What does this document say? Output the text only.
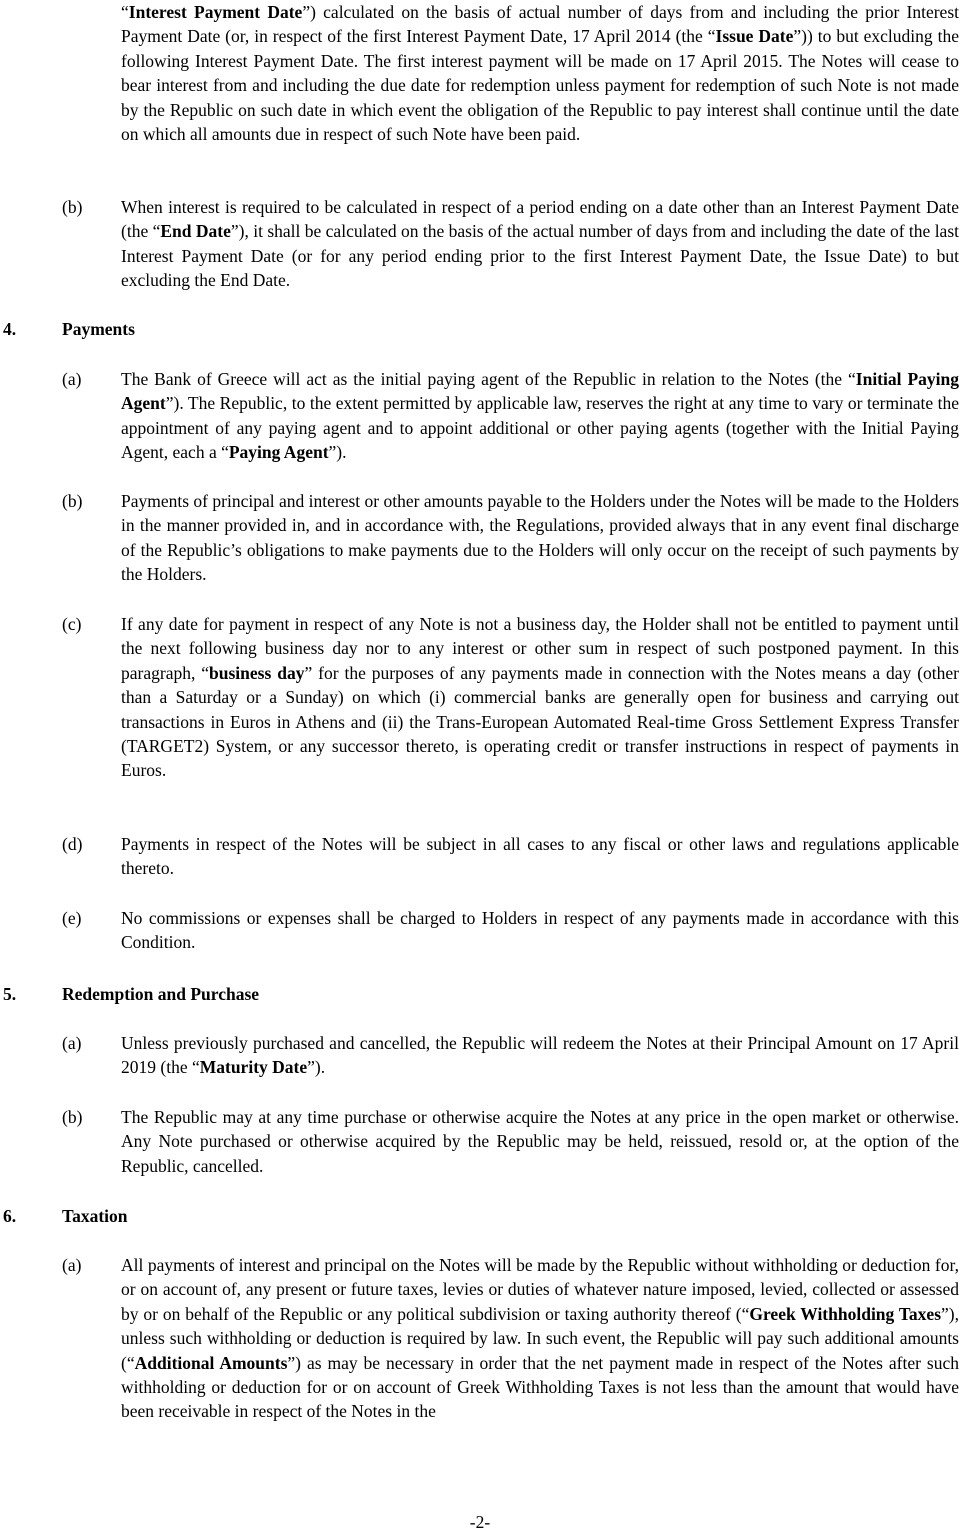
“Interest Payment Date”) calculated on the basis of actual number of days from and including the prior Interest Payment Date (or, in respect of the first Interest Payment Date, 17 April 2014 (the “Issue Date”)) to but excluding the following Interest Payment Date. The first interest payment will be made on 17 April 2015. The Notes will cease to bear interest from and including the due date for redemption unless payment for redemption of such Note is not made by the Republic on such date in which event the obligation of the Republic to pay interest shall continue until the date on which all amounts due in respect of such Note have been paid.

(b) When interest is required to be calculated in respect of a period ending on a date other than an Interest Payment Date (the “End Date”), it shall be calculated on the basis of the actual number of days from and including the date of the last Interest Payment Date (or for any period ending prior to the first Interest Payment Date, the Issue Date) to but excluding the End Date.

4.	Payments
(a) The Bank of Greece will act as the initial paying agent of the Republic in relation to the Notes (the “Initial Paying Agent”). The Republic, to the extent permitted by applicable law, reserves the right at any time to vary or terminate the appointment of any paying agent and to appoint additional or other paying agents (together with the Initial Paying Agent, each a “Paying Agent”).

(b) Payments of principal and interest or other amounts payable to the Holders under the Notes will be made to the Holders in the manner provided in, and in accordance with, the Regulations, provided always that in any event final discharge of the Republic’s obligations to make payments due to the Holders will only occur on the receipt of such payments by the Holders.

(c) If any date for payment in respect of any Note is not a business day, the Holder shall not be entitled to payment until the next following business day nor to any interest or other sum in respect of such postponed payment. In this paragraph, “business day” for the purposes of any payments made in connection with the Notes means a day (other than a Saturday or a Sunday) on which (i) commercial banks are generally open for business and carrying out transactions in Euros in Athens and (ii) the Trans-European Automated Real-time Gross Settlement Express Transfer (TARGET2) System, or any successor thereto, is operating credit or transfer instructions in respect of payments in Euros.

(d) Payments in respect of the Notes will be subject in all cases to any fiscal or other laws and regulations applicable thereto.

(e) No commissions or expenses shall be charged to Holders in respect of any payments made in accordance with this Condition.

5.	Redemption and Purchase
(a) Unless previously purchased and cancelled, the Republic will redeem the Notes at their Principal Amount on 17 April 2019 (the “Maturity Date”).

(b) The Republic may at any time purchase or otherwise acquire the Notes at any price in the open market or otherwise. Any Note purchased or otherwise acquired by the Republic may be held, reissued, resold or, at the option of the Republic, cancelled.

6.	Taxation
(a) All payments of interest and principal on the Notes will be made by the Republic without withholding or deduction for, or on account of, any present or future taxes, levies or duties of whatever nature imposed, levied, collected or assessed by or on behalf of the Republic or any political subdivision or taxing authority thereof (“Greek Withholding Taxes”), unless such withholding or deduction is required by law. In such event, the Republic will pay such additional amounts (“Additional Amounts”) as may be necessary in order that the net payment made in respect of the Notes after such withholding or deduction for or on account of Greek Withholding Taxes is not less than the amount that would have been receivable in respect of the Notes in the

-2-
